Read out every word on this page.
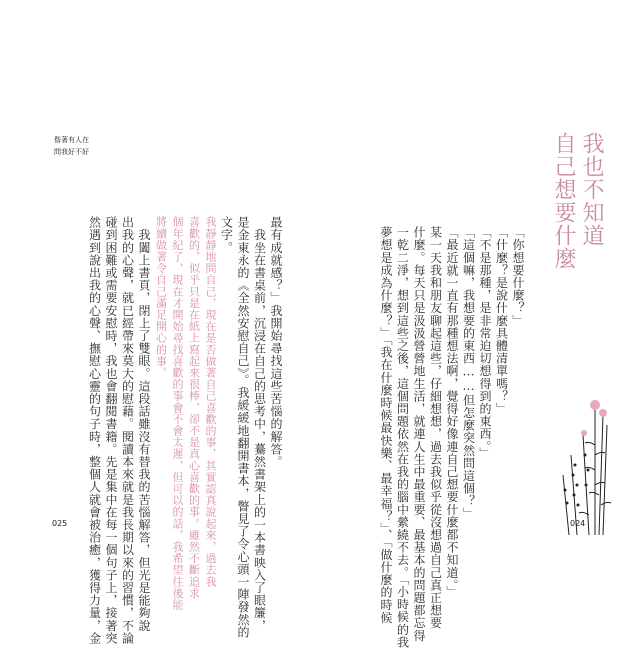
偕著有人在
問我好不好	我也不知道
自己想要什麼
「你想要什麼？」
「什麼？是說什麼具體清單嗎？」
「不是那種，是非常迫切想得到的東西。」
「這個嘛，我想要的東西……但怎麼突然問這個？」
「最近就一直有那種想法啊，覺得好像連自己想要什麼都不知道。」
某一天我和朋友聊起這些，仔細想想，過去我似乎從沒想過自己真正想要
什麼。每天只是汲汲營營地生活，就連人生中最重要、最基本的問題都忘得
一乾二淨，想到這些之後，這個問題依然在我的腦中縈繞不去。「小時候的我
夢想是成為什麼？」「我在什麼時候最快樂、最幸福？」、「做什麼的時候
最有成就感？」我開始尋找這些苦惱的解答。
　我坐在書桌前，沉浸在自己的思考中，驀然書架上的一本書映入了眼簾，
是金東永的《全然安慰自己》。我緩緩地翻開書本，瞥見了令心頭一陣發然的
文字。
我靜靜地問自己，現在是否做著自己喜歡的事，其實認真說起來，過去我
喜歡的，似乎只是在紙上寫起來很棒，卻不是真心喜歡的事。雖然不斷追求
個年紀了，現在才開始尋找喜歡的事會不會太遲，但可以的話，我希望往後能
將續做著令自己滿足開心的事。
　我闔上書頁，閉上了雙眼。這段話雖沒有替我的苦惱解答，但光是能夠說
出我的心聲，就已經帶來莫大的慰藉。閱讀本來就是我長期以來的習慣，不論
碰到困難或需要安慰時，我也會翻閱書籍。先是集中在每一個句子上，接著突
然遇到說出我的心聲、撫慰心靈的句子時，整個人就會被治癒，獲得力量，金
025	024
